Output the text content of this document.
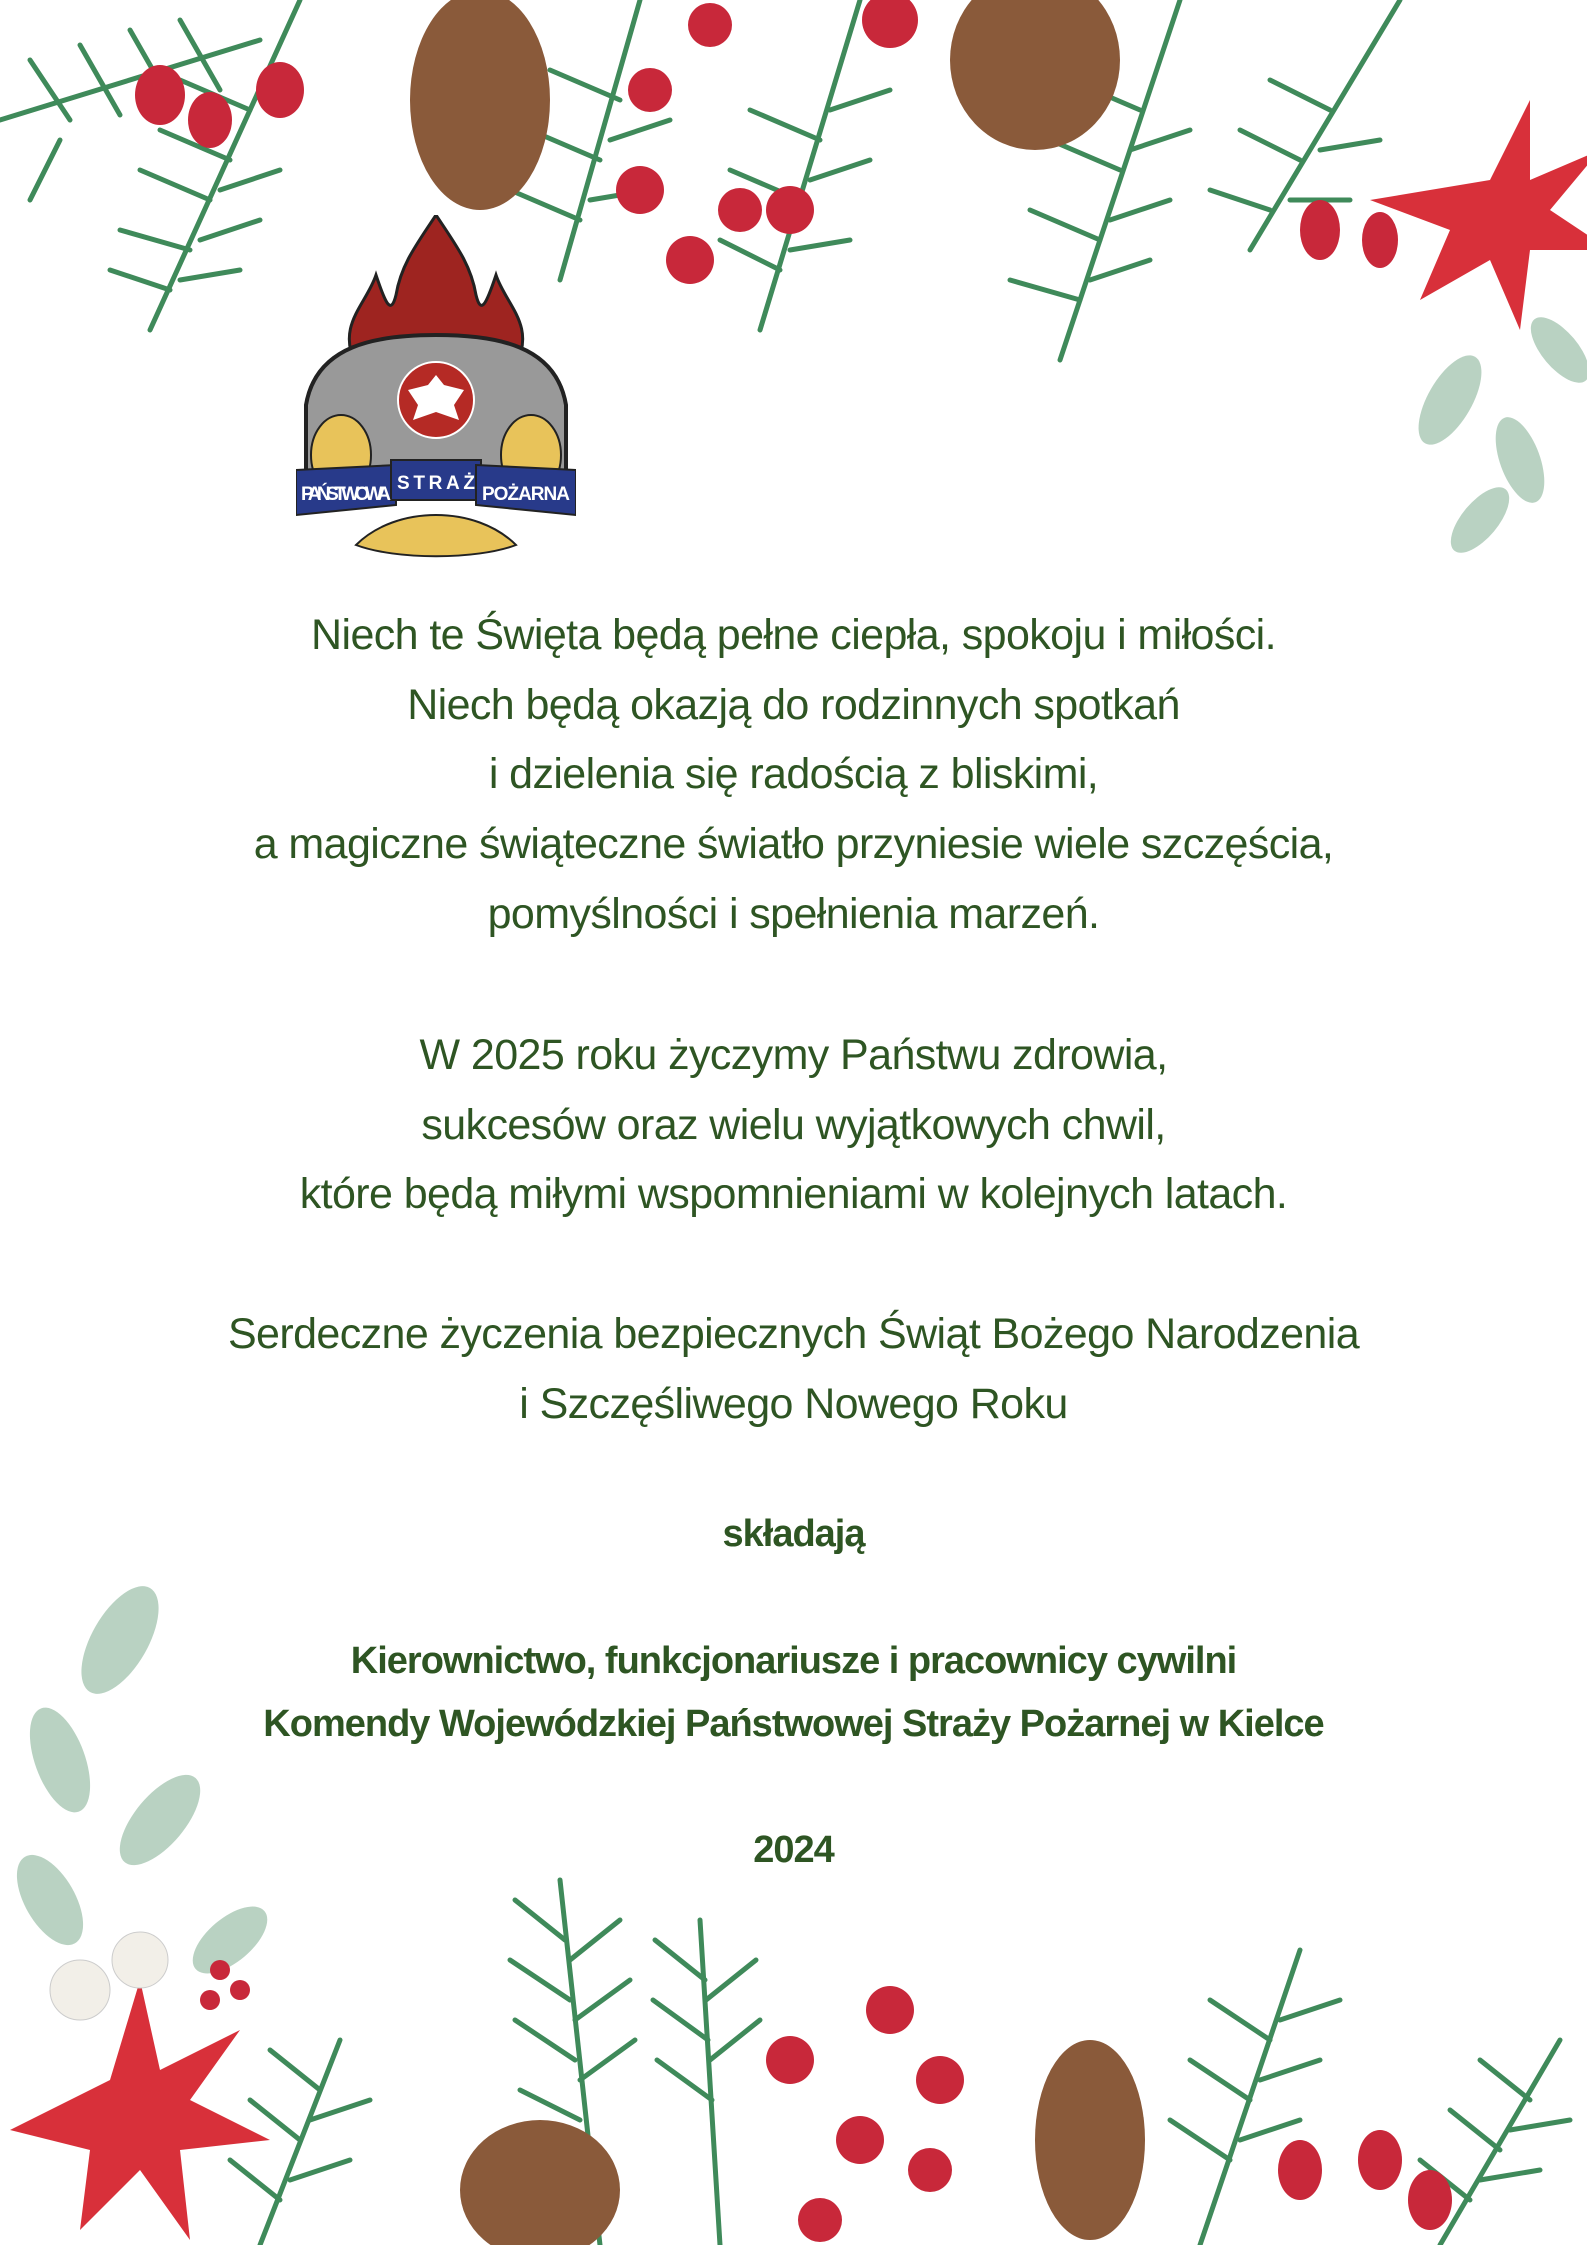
PAŃSTWOWA
STRAŻ
POŻARNA
Niech te Święta będą pełne ciepła, spokoju i miłości.
Niech będą okazją do rodzinnych spotkań
i dzielenia się radością z bliskimi,
a magiczne świąteczne światło przyniesie wiele szczęścia,
pomyślności i spełnienia marzeń.
W 2025 roku życzymy Państwu zdrowia,
sukcesów oraz wielu wyjątkowych chwil,
które będą miłymi wspomnieniami w kolejnych latach.
Serdeczne życzenia bezpiecznych Świąt Bożego Narodzenia
i Szczęśliwego Nowego Roku
składają
Kierownictwo, funkcjonariusze i pracownicy cywilni
Komendy Wojewódzkiej Państwowej Straży Pożarnej w Kielce
2024
